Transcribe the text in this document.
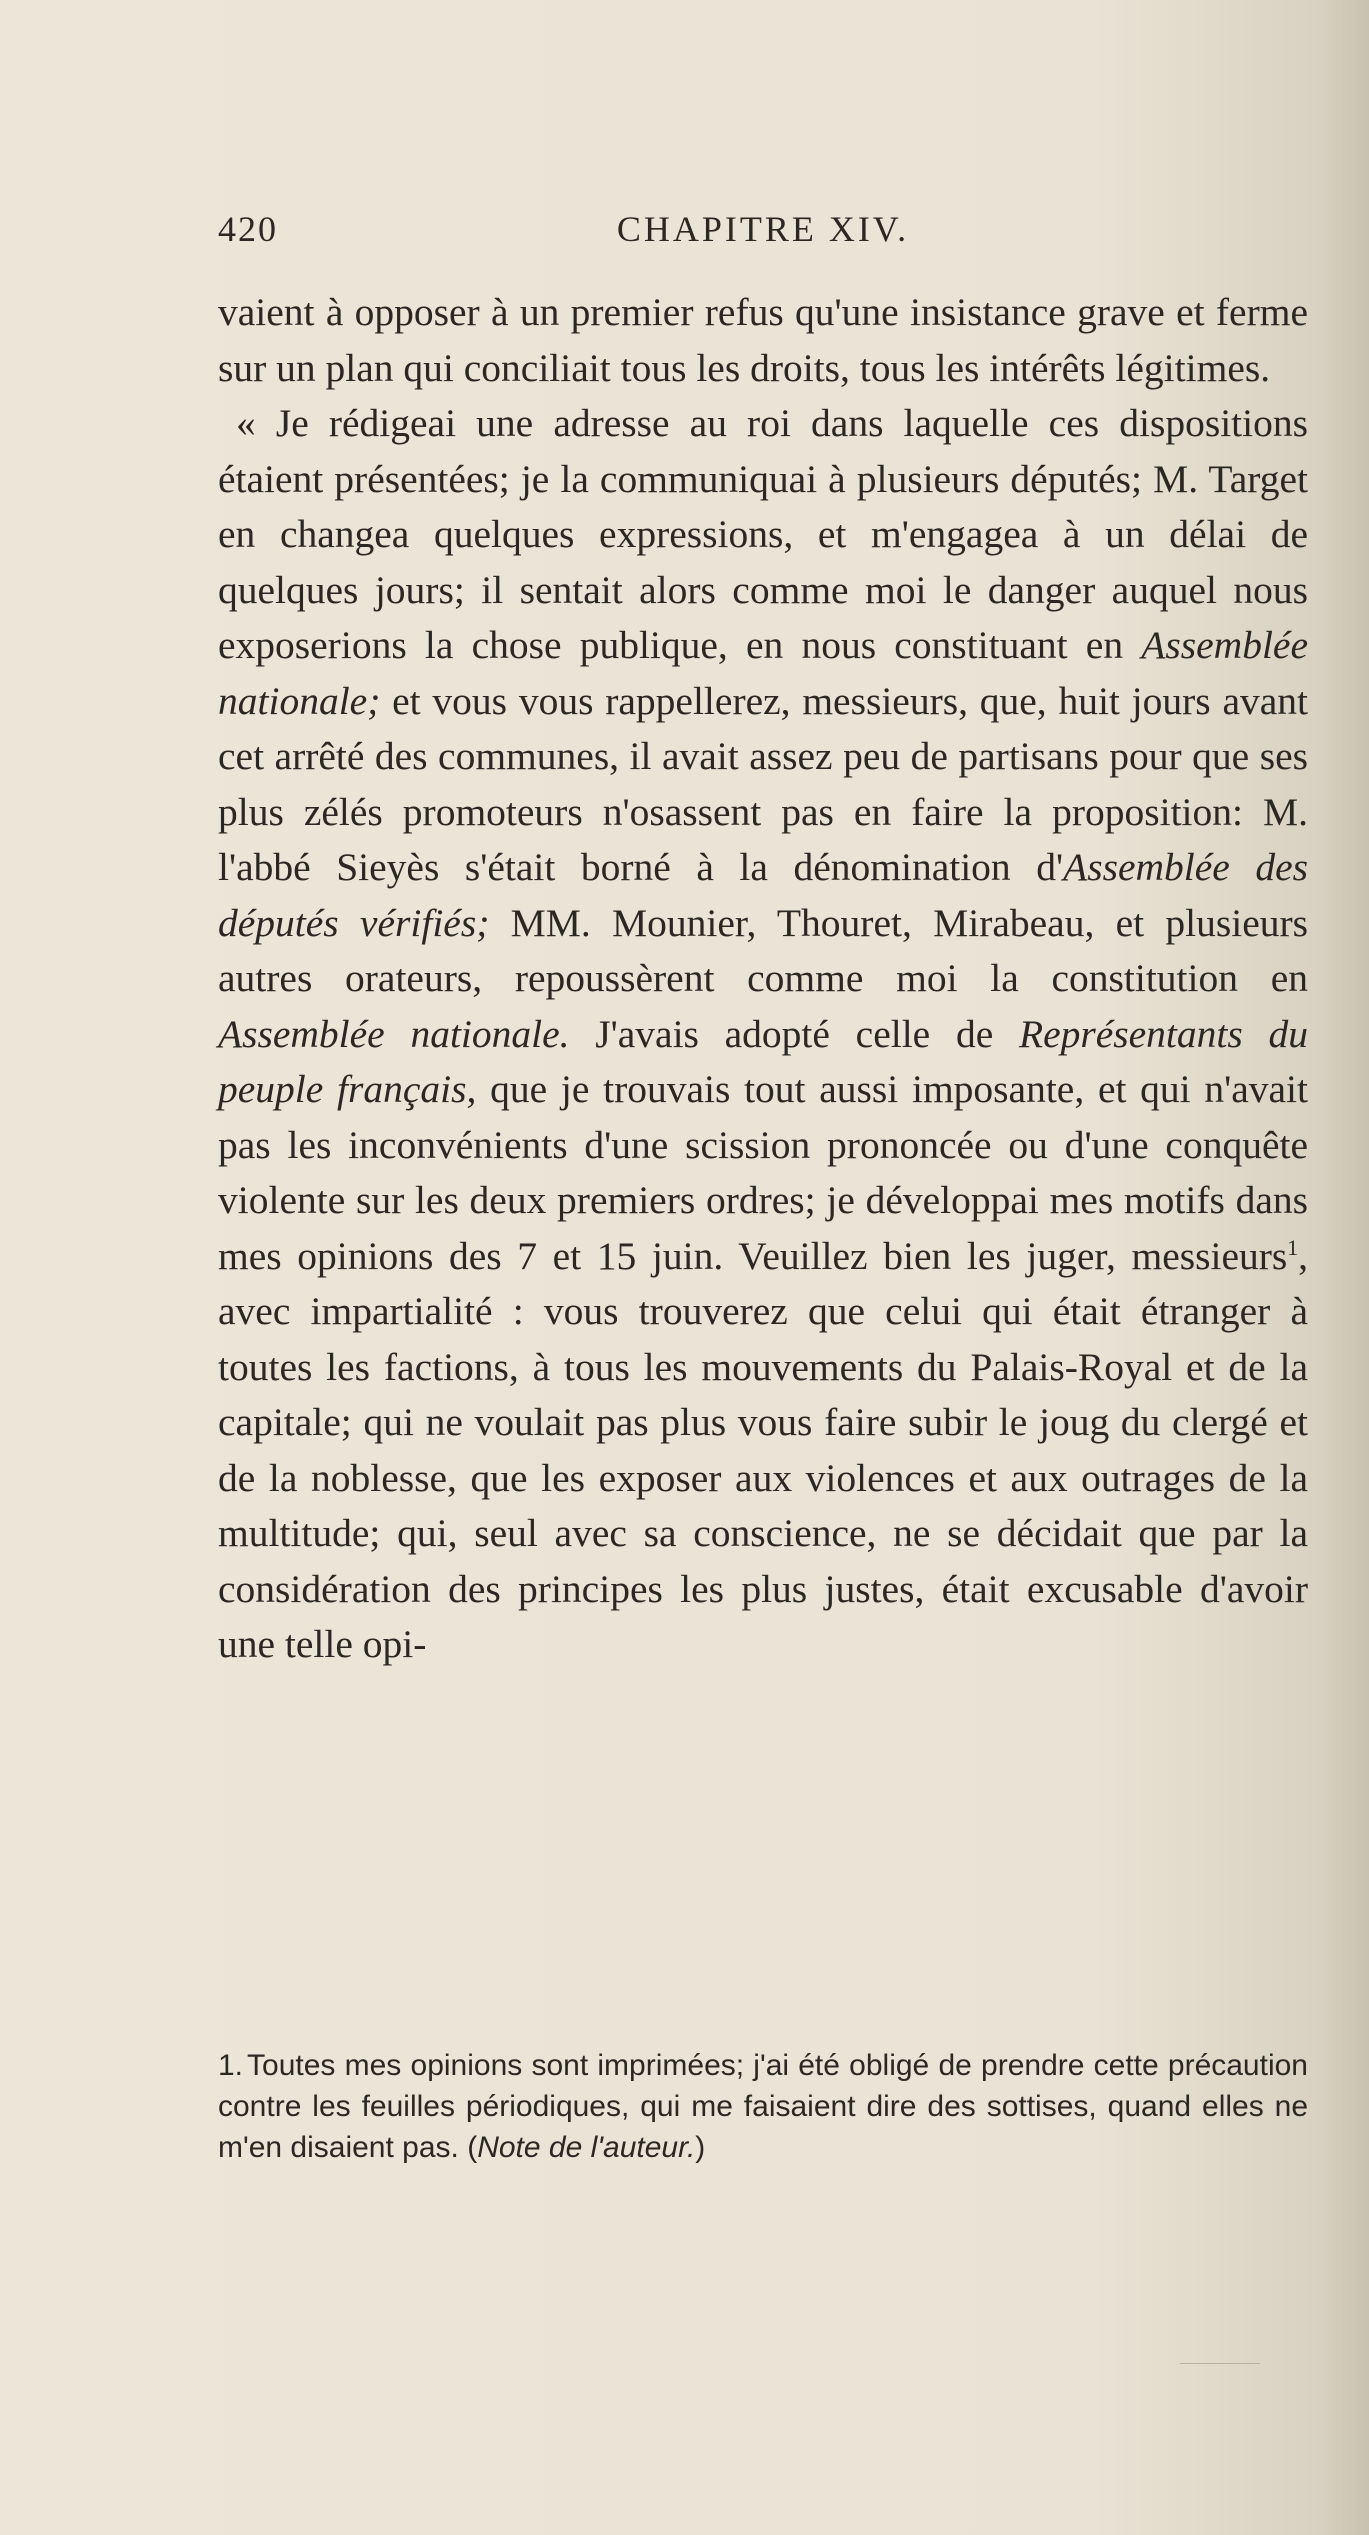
420	CHAPITRE XIV.

vaient à opposer à un premier refus qu'une insistance grave et ferme sur un plan qui conciliait tous les droits, tous les intérêts légitimes.

« Je rédigeai une adresse au roi dans laquelle ces dispositions étaient présentées; je la communiquai à plusieurs députés; M. Target en changea quelques expressions, et m'engagea à un délai de quelques jours; il sentait alors comme moi le danger auquel nous exposerions la chose publique, en nous constituant en Assemblée nationale; et vous vous rappellerez, messieurs, que, huit jours avant cet arrêté des communes, il avait assez peu de partisans pour que ses plus zélés promoteurs n'osassent pas en faire la proposition: M. l'abbé Sieyès s'était borné à la dénomination d'Assemblée des députés vérifiés; MM. Mounier, Thouret, Mirabeau, et plusieurs autres orateurs, repoussèrent comme moi la constitution en Assemblée nationale. J'avais adopté celle de Représentants du peuple français, que je trouvais tout aussi imposante, et qui n'avait pas les inconvénients d'une scission prononcée ou d'une conquête violente sur les deux premiers ordres; je développai mes motifs dans mes opinions des 7 et 15 juin. Veuillez bien les juger, messieurs$^1$, avec impartialité : vous trouverez que celui qui était étranger à toutes les factions, à tous les mouvements du Palais-Royal et de la capitale; qui ne voulait pas plus vous faire subir le joug du clergé et de la noblesse, que les exposer aux violences et aux outrages de la multitude; qui, seul avec sa conscience, ne se décidait que par la considération des principes les plus justes, était excusable d'avoir une telle opi-

1. Toutes mes opinions sont imprimées; j'ai été obligé de prendre cette précaution contre les feuilles périodiques, qui me faisaient dire des sottises, quand elles ne m'en disaient pas. (Note de l'auteur.)
